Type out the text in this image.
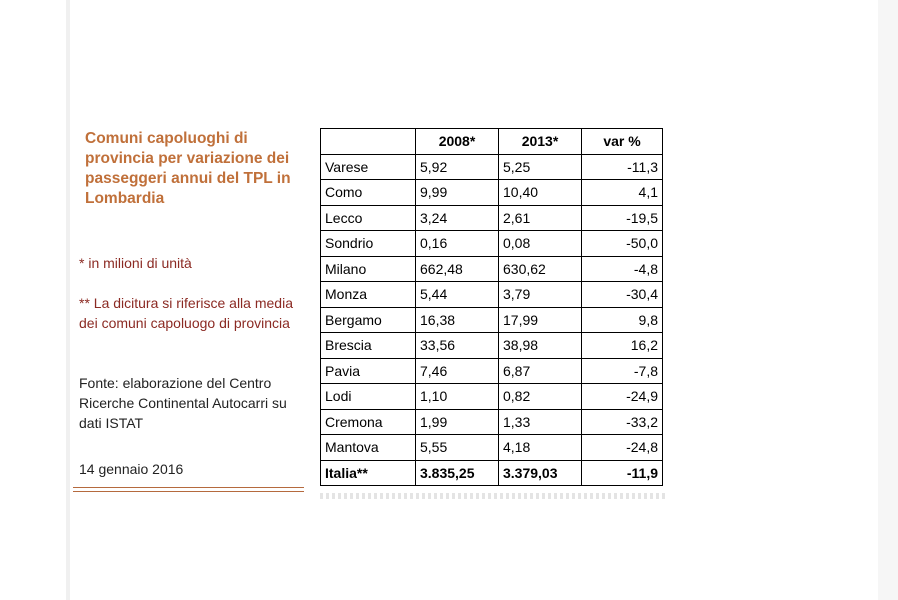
Comuni capoluoghi di provincia per variazione dei passeggeri annui del TPL in Lombardia
* in milioni di unità
** La dicitura si riferisce alla media dei comuni capoluogo di provincia
Fonte: elaborazione del Centro Ricerche Continental Autocarri su dati ISTAT
14 gennaio 2016
	2008*	2013*	var %
Varese	5,92	5,25	-11,3
Como	9,99	10,40	4,1
Lecco	3,24	2,61	-19,5
Sondrio	0,16	0,08	-50,0
Milano	662,48	630,62	-4,8
Monza	5,44	3,79	-30,4
Bergamo	16,38	17,99	9,8
Brescia	33,56	38,98	16,2
Pavia	7,46	6,87	-7,8
Lodi	1,10	0,82	-24,9
Cremona	1,99	1,33	-33,2
Mantova	5,55	4,18	-24,8
Italia**	3.835,25	3.379,03	-11,9
